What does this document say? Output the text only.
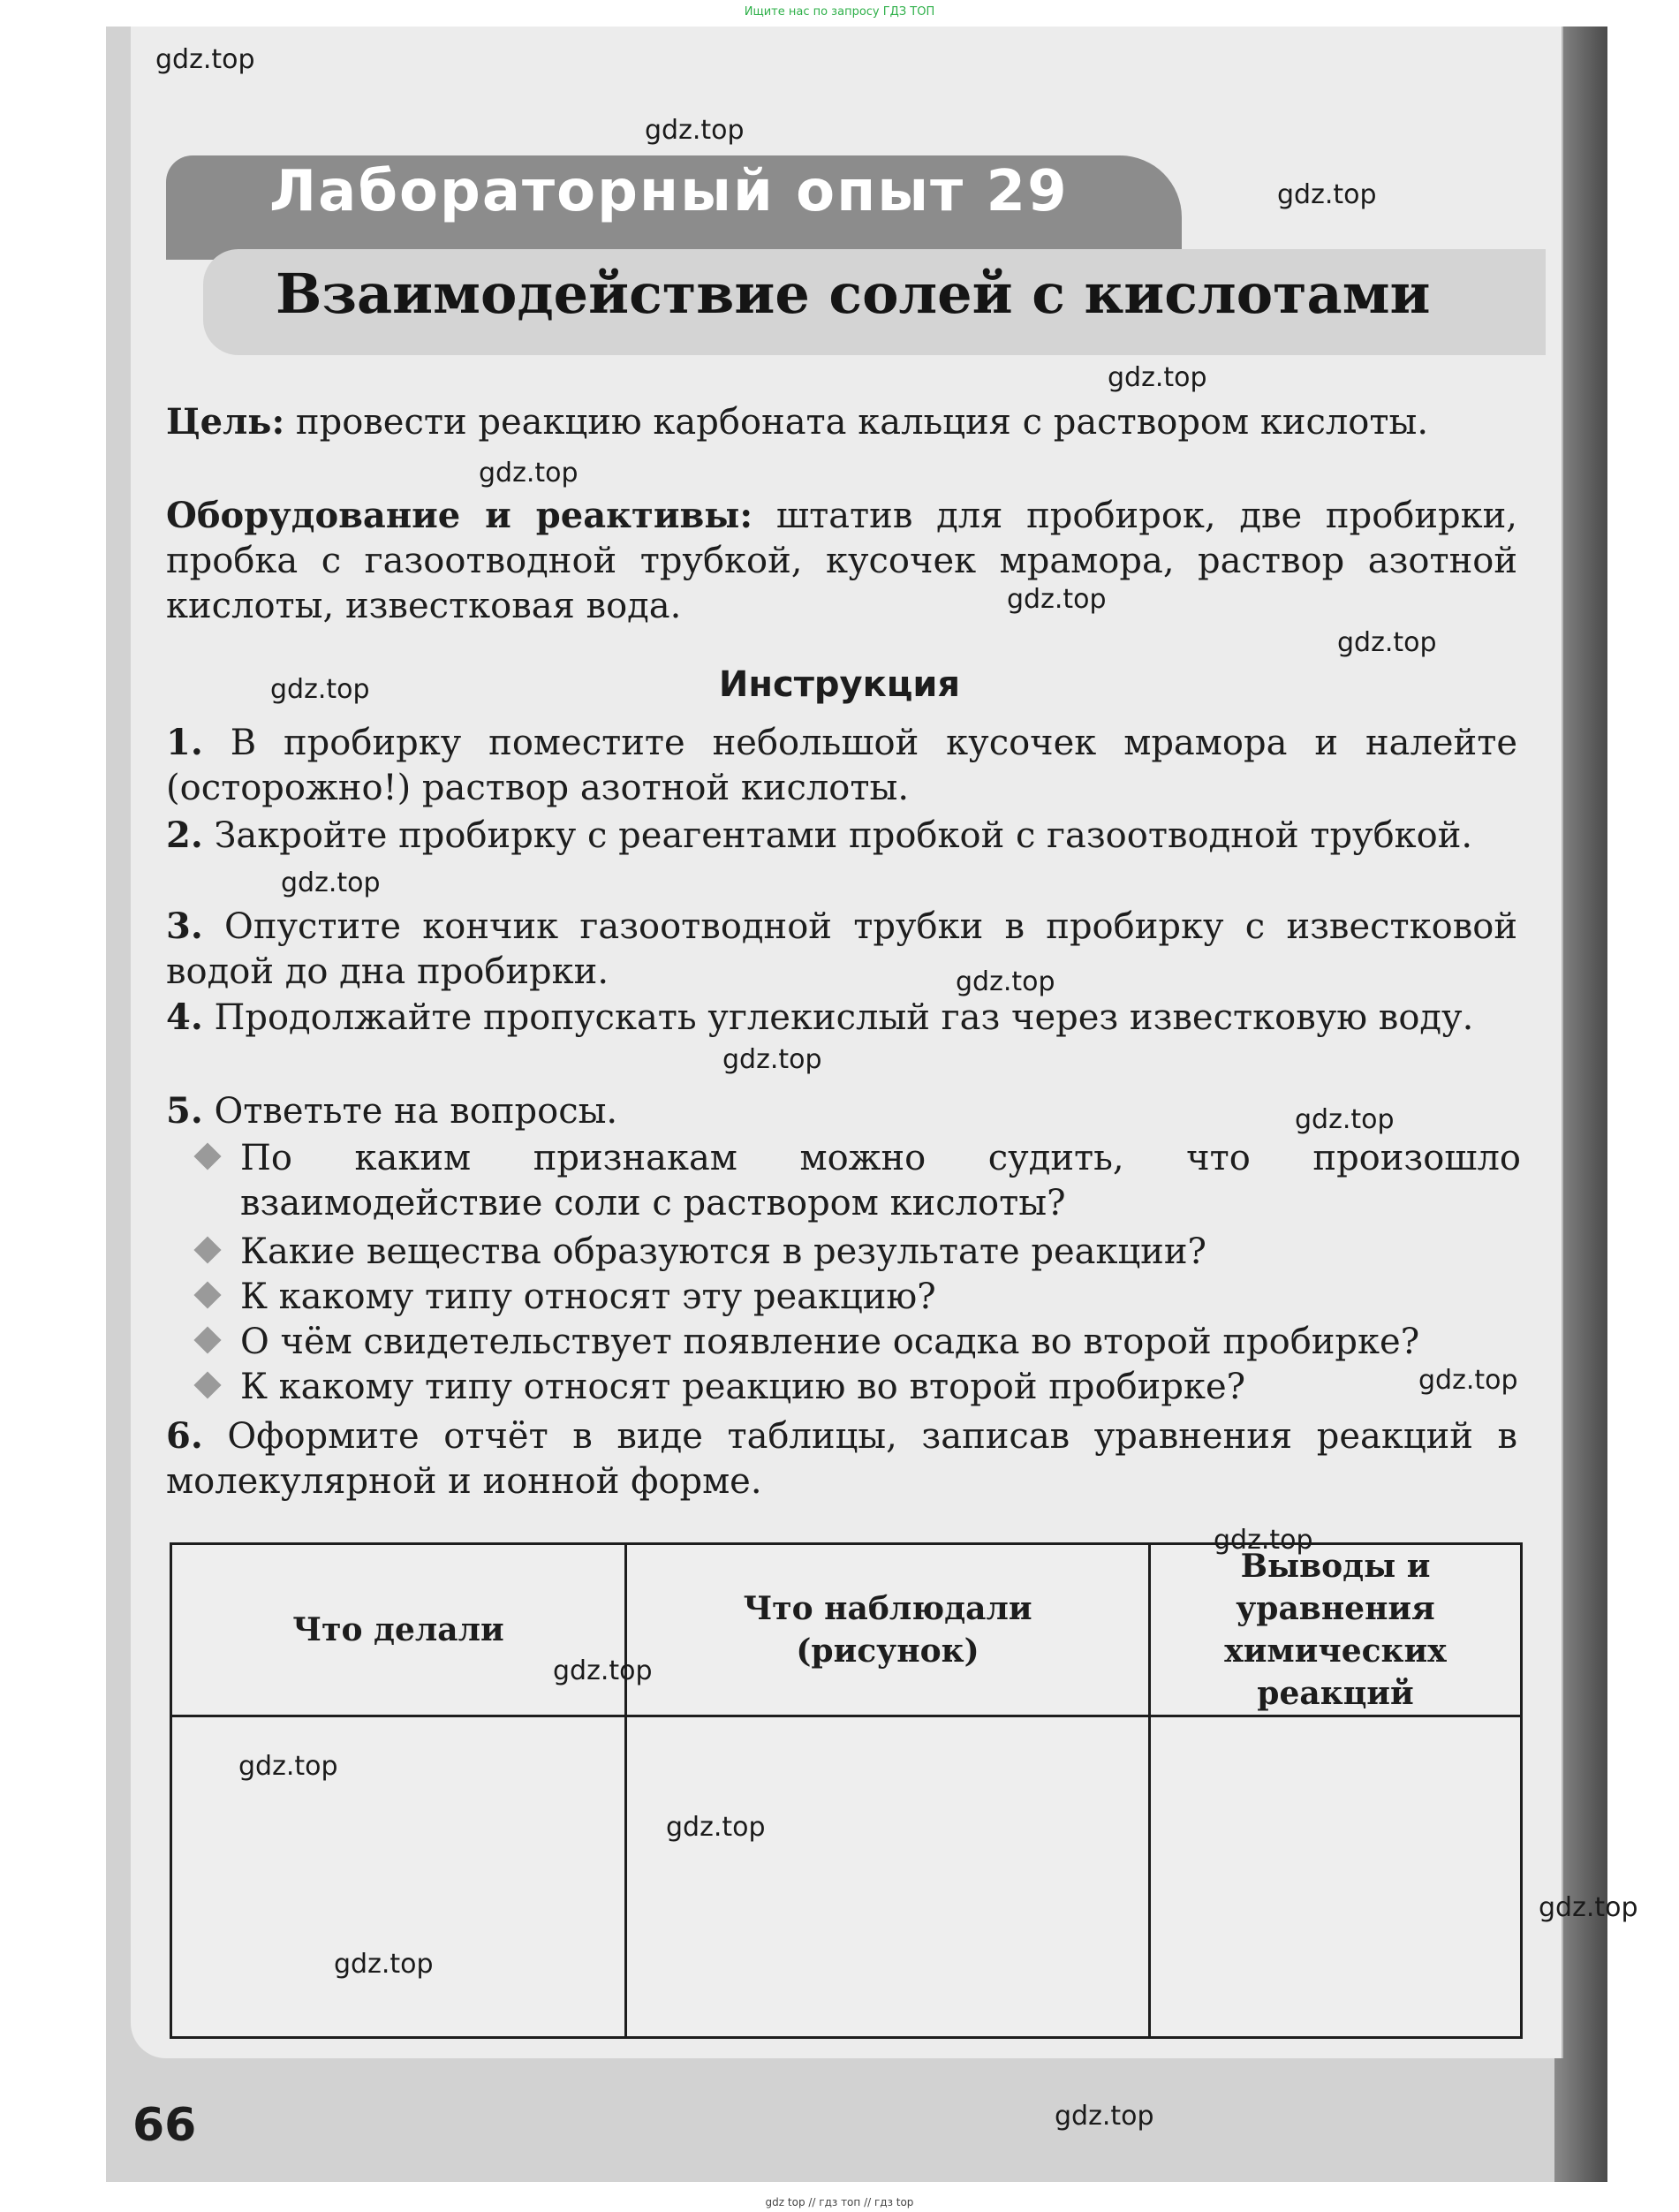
Ищите нас по запросу ГДЗ ТОП
Лабораторный опыт 29
Взаимодействие солей с кислотами
Цель: провести реакцию карбоната кальция с раствором кислоты.
Оборудование и реактивы: штатив для пробирок, две пробирки, пробка с газоотводной трубкой, кусочек мрамора, раствор азотной кислоты, известковая вода.
Инструкция
1. В пробирку поместите небольшой кусочек мрамора и налейте (осторожно!) раствор азотной кислоты.
2. Закройте пробирку с реагентами пробкой с газоотводной трубкой.
3. Опустите кончик газоотводной трубки в пробирку с известковой водой до дна пробирки.
4. Продолжайте пропускать углекислый газ через известковую воду.
5. Ответьте на вопросы.
По каким признакам можно судить, что произошло взаимодействие соли с раствором кислоты?
Какие вещества образуются в результате реакции?
К какому типу относят эту реакцию?
О чём свидетельствует появление осадка во второй пробирке?
К какому типу относят реакцию во второй пробирке?
6. Оформите отчёт в виде таблицы, записав уравнения реакций в молекулярной и ионной форме.
Что делали	Что наблюдали (рисунок)	Выводы и уравнения химических реакций

66
gdz.top
gdz.top
gdz.top
gdz.top
gdz.top
gdz.top
gdz.top
gdz.top
gdz.top
gdz.top
gdz.top
gdz.top
gdz.top
gdz.top
gdz.top
gdz.top
gdz.top
gdz.top
gdz.top
gdz.top
gdz top // гдз топ // гдз top
